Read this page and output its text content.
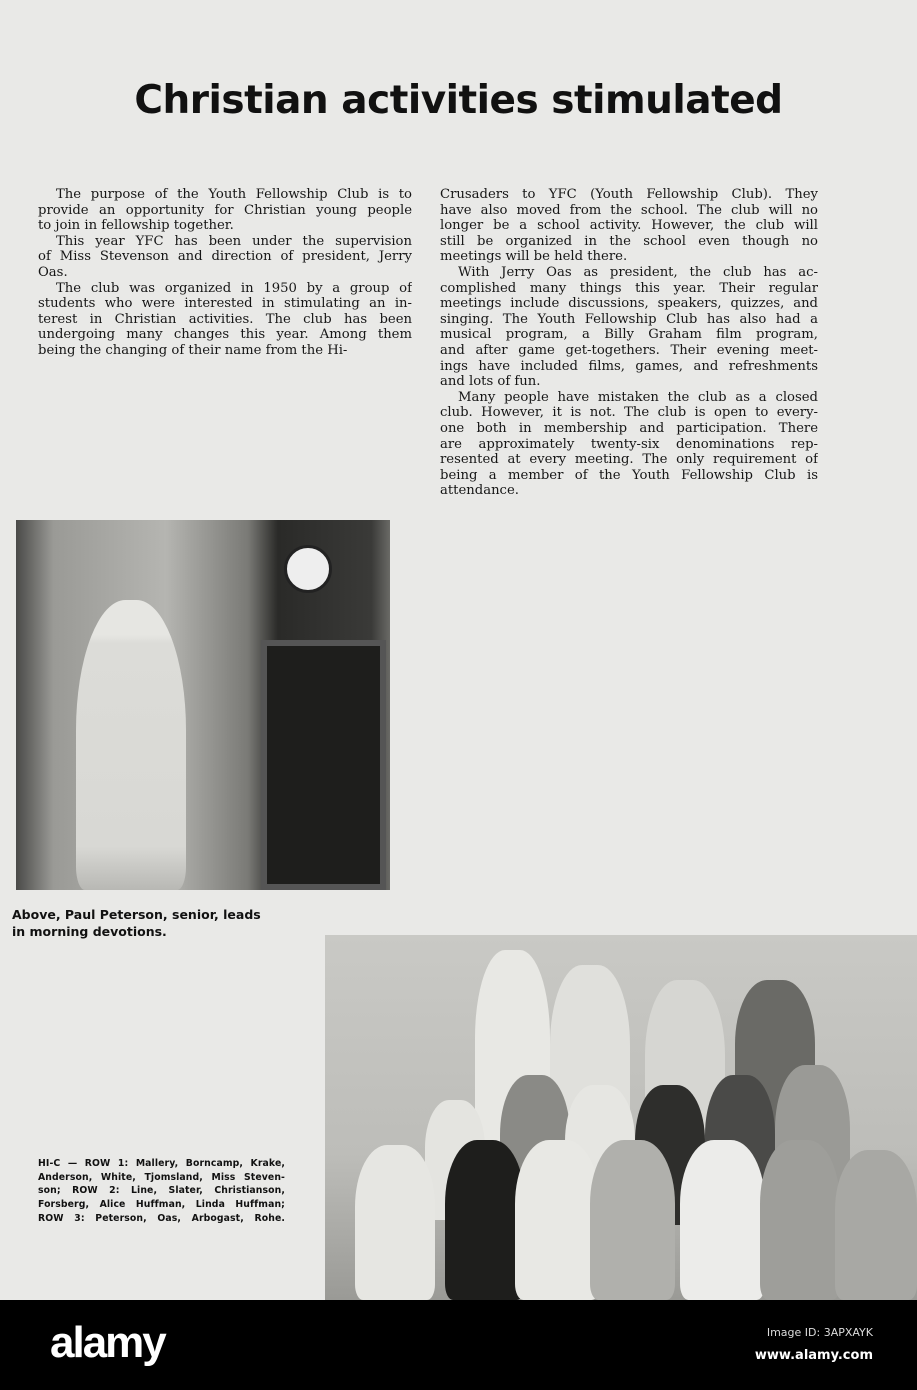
Christian activities stimulated
The purpose of the Youth Fellowship Club is to
provide an opportunity for Christian young people
to join in fellowship together.
This year YFC has been under the supervision
of Miss Stevenson and direction of president, Jerry
Oas.
The club was organized in 1950 by a group of
students who were interested in stimulating an in-
terest in Christian activities. The club has been
undergoing many changes this year. Among them
being the changing of their name from the Hi-
Crusaders to YFC (Youth Fellowship Club). They
have also moved from the school. The club will no
longer be a school activity. However, the club will
still be organized in the school even though no
meetings will be held there.
With Jerry Oas as president, the club has ac-
complished many things this year. Their regular
meetings include discussions, speakers, quizzes, and
singing. The Youth Fellowship Club has also had a
musical program, a Billy Graham film program,
and after game get-togethers. Their evening meet-
ings have included films, games, and refreshments
and lots of fun.
Many people have mistaken the club as a closed
club. However, it is not. The club is open to every-
one both in membership and participation. There
are approximately twenty-six denominations rep-
resented at every meeting. The only requirement of
being a member of the Youth Fellowship Club is
attendance.
Above, Paul Peterson, senior, leads
in morning devotions.
HI-C — ROW 1: Mallery, Borncamp, Krake,
Anderson, White, Tjomsland, Miss Steven-
son; ROW 2: Line, Slater, Christianson,
Forsberg, Alice Huffman, Linda Huffman;
ROW 3: Peterson, Oas, Arbogast, Rohe.
alamy	Image ID: 3APXAYK
www.alamy.com
